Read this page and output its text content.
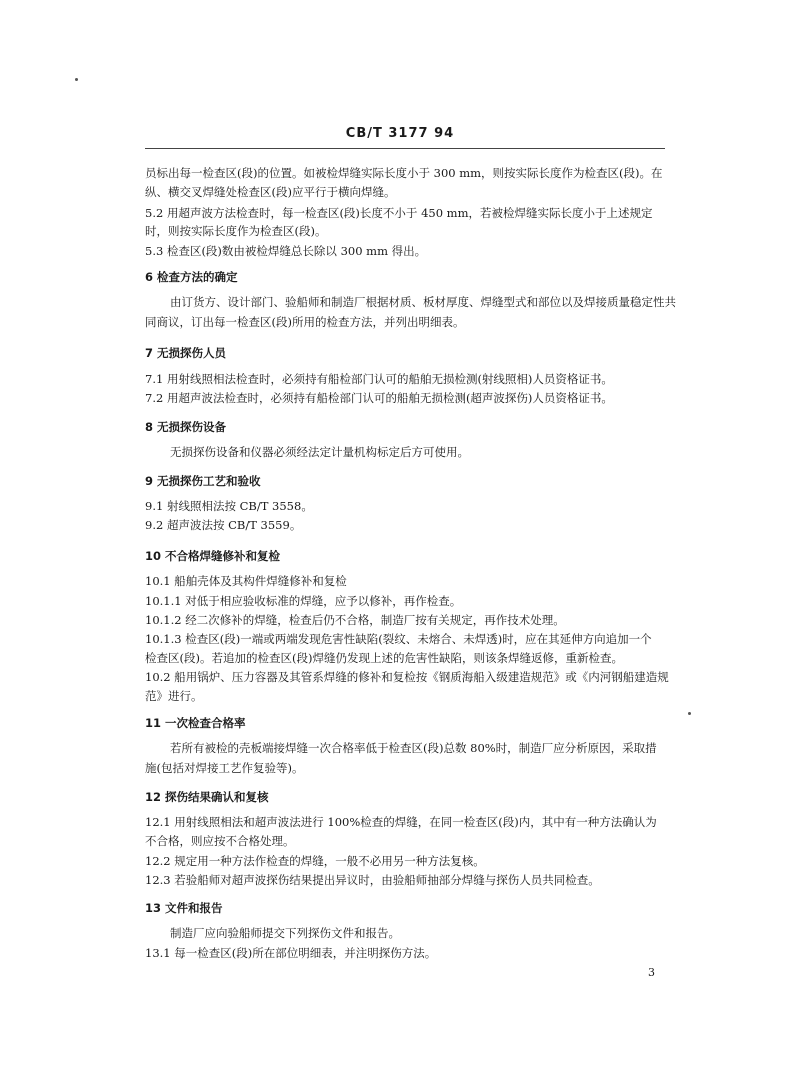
CB/T 3177 94
员标出每一检查区(段)的位置。如被检焊缝实际长度小于 300 mm，则按实际长度作为检查区(段)。在
纵、横交叉焊缝处检查区(段)应平行于横向焊缝。
5.2 用超声波方法检查时，每一检查区(段)长度不小于 450 mm，若被检焊缝实际长度小于上述规定
时，则按实际长度作为检查区(段)。
5.3 检查区(段)数由被检焊缝总长除以 300 mm 得出。
6 检查方法的确定
由订货方、设计部门、验船师和制造厂根据材质、板材厚度、焊缝型式和部位以及焊接质量稳定性共
同商议，订出每一检查区(段)所用的检查方法，并列出明细表。
7 无损探伤人员
7.1 用射线照相法检查时，必须持有船检部门认可的船舶无损检测(射线照相)人员资格证书。
7.2 用超声波法检查时，必须持有船检部门认可的船舶无损检测(超声波探伤)人员资格证书。
8 无损探伤设备
无损探伤设备和仪器必须经法定计量机构标定后方可使用。
9 无损探伤工艺和验收
9.1 射线照相法按 CB/T 3558。
9.2 超声波法按 CB/T 3559。
10 不合格焊缝修补和复检
10.1 船舶壳体及其构件焊缝修补和复检
10.1.1 对低于相应验收标准的焊缝，应予以修补，再作检查。
10.1.2 经二次修补的焊缝，检查后仍不合格，制造厂按有关规定，再作技术处理。
10.1.3 检查区(段)一端或两端发现危害性缺陷(裂纹、未熔合、未焊透)时，应在其延伸方向追加一个
检查区(段)。若追加的检查区(段)焊缝仍发现上述的危害性缺陷，则该条焊缝返修，重新检查。
10.2 船用锅炉、压力容器及其管系焊缝的修补和复检按《钢质海船入级建造规范》或《内河钢船建造规
范》进行。
11 一次检查合格率
若所有被检的壳板端接焊缝一次合格率低于检查区(段)总数 80%时，制造厂应分析原因，采取措
施(包括对焊接工艺作复验等)。
12 探伤结果确认和复核
12.1 用射线照相法和超声波法进行 100%检查的焊缝，在同一检查区(段)内，其中有一种方法确认为
不合格，则应按不合格处理。
12.2 规定用一种方法作检查的焊缝，一般不必用另一种方法复核。
12.3 若验船师对超声波探伤结果提出异议时，由验船师抽部分焊缝与探伤人员共同检查。
13 文件和报告
制造厂应向验船师提交下列探伤文件和报告。
13.1 每一检查区(段)所在部位明细表，并注明探伤方法。
3
